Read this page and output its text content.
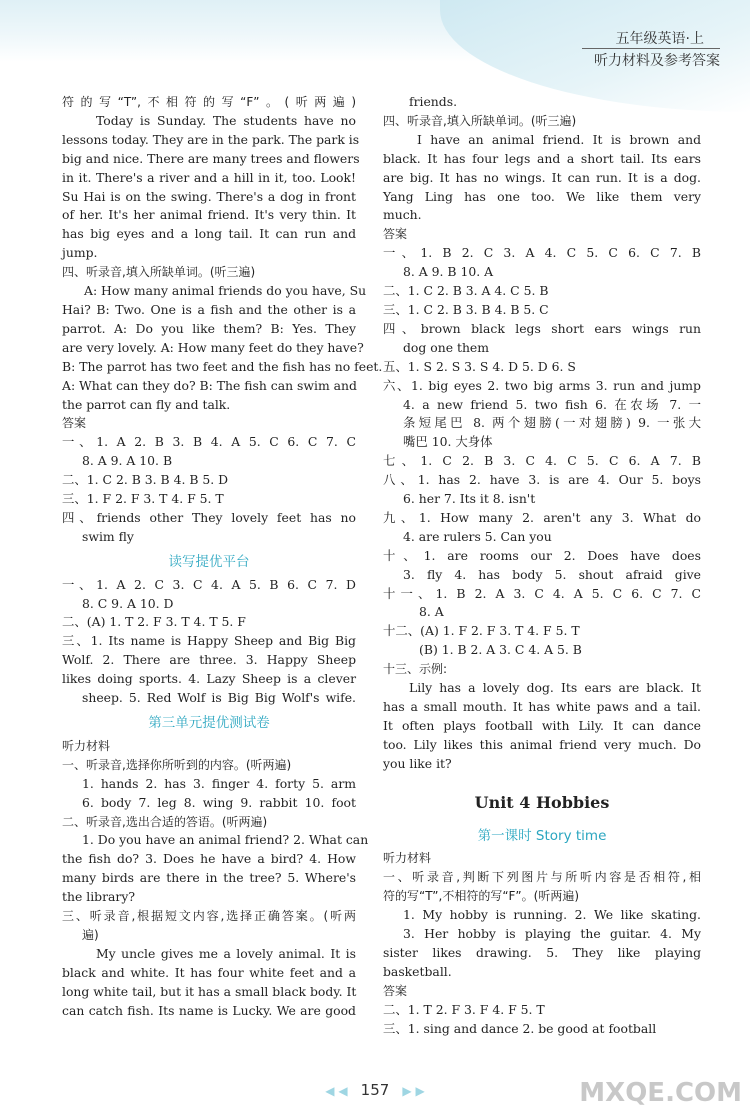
五年级英语·上
听力材料及参考答案
符的写“T”,不相符的写“F”。(听两遍)
Today is Sunday. The students have no
lessons today. They are in the park. The park is
big and nice. There are many trees and flowers
in it. There's a river and a hill in it, too. Look!
Su Hai is on the swing. There's a dog in front
of her. It's her animal friend. It's very thin. It
has big eyes and a long tail. It can run and
jump.
四、听录音,填入所缺单词。(听三遍)
A: How many animal friends do you have, Su
Hai? B: Two. One is a fish and the other is a
parrot. A: Do you like them? B: Yes. They
are very lovely. A: How many feet do they have?
B: The parrot has two feet and the fish has no feet.
A: What can they do? B: The fish can swim and
the parrot can fly and talk.
答案
一、1. A 2. B 3. B 4. A 5. C 6. C 7. C
8. A 9. A 10. B
二、1. C 2. B 3. B 4. B 5. D
三、1. F 2. F 3. T 4. F 5. T
四、friends other They lovely feet has no
swim fly
读写提优平台
一、1. A 2. C 3. C 4. A 5. B 6. C 7. D
8. C 9. A 10. D
二、(A) 1. T 2. F 3. T 4. T 5. F
三、1. Its name is Happy Sheep and Big Big
Wolf. 2. There are three. 3. Happy Sheep
likes doing sports. 4. Lazy Sheep is a clever
sheep. 5. Red Wolf is Big Big Wolf's wife.
第三单元提优测试卷
听力材料
一、听录音,选择你所听到的内容。(听两遍)
1. hands 2. has 3. finger 4. forty 5. arm
6. body 7. leg 8. wing 9. rabbit 10. foot
二、听录音,选出合适的答语。(听两遍)
1. Do you have an animal friend? 2. What can
the fish do? 3. Does he have a bird? 4. How
many birds are there in the tree? 5. Where's
the library?
三、听录音,根据短文内容,选择正确答案。(听两
遍)
My uncle gives me a lovely animal. It is
black and white. It has four white feet and a
long white tail, but it has a small black body. It
can catch fish. Its name is Lucky. We are good
friends.
四、听录音,填入所缺单词。(听三遍)
I have an animal friend. It is brown and
black. It has four legs and a short tail. Its ears
are big. It has no wings. It can run. It is a dog.
Yang Ling has one too. We like them very
much.
答案
一、1. B 2. C 3. A 4. C 5. C 6. C 7. B
8. A 9. B 10. A
二、1. C 2. B 3. A 4. C 5. B
三、1. C 2. B 3. B 4. B 5. C
四、brown black legs short ears wings run
dog one them
五、1. S 2. S 3. S 4. D 5. D 6. S
六、1. big eyes 2. two big arms 3. run and jump
4. a new friend 5. two fish 6. 在农场 7. 一
条短尾巴 8. 两个翅膀(一对翅膀) 9. 一张大
嘴巴 10. 大身体
七、1. C 2. B 3. C 4. C 5. C 6. A 7. B
八、1. has 2. have 3. is are 4. Our 5. boys
6. her 7. Its it 8. isn't
九、1. How many 2. aren't any 3. What do
4. are rulers 5. Can you
十、1. are rooms our 2. Does have does
3. fly 4. has body 5. shout afraid give
十一、1. B 2. A 3. C 4. A 5. C 6. C 7. C
8. A
十二、(A) 1. F 2. F 3. T 4. F 5. T
(B) 1. B 2. A 3. C 4. A 5. B
十三、示例:
Lily has a lovely dog. Its ears are black. It
has a small mouth. It has white paws and a tail.
It often plays football with Lily. It can dance
too. Lily likes this animal friend very much. Do
you like it?
Unit 4 Hobbies
第一课时 Story time
听力材料
一、听录音,判断下列图片与所听内容是否相符,相
符的写“T”,不相符的写“F”。(听两遍)
1. My hobby is running. 2. We like skating.
3. Her hobby is playing the guitar. 4. My
sister likes drawing. 5. They like playing
basketball.
答案
二、1. T 2. F 3. F 4. F 5. T
三、1. sing and dance 2. be good at football
◀ ◀ 157 ▶ ▶	MXQE.COM
